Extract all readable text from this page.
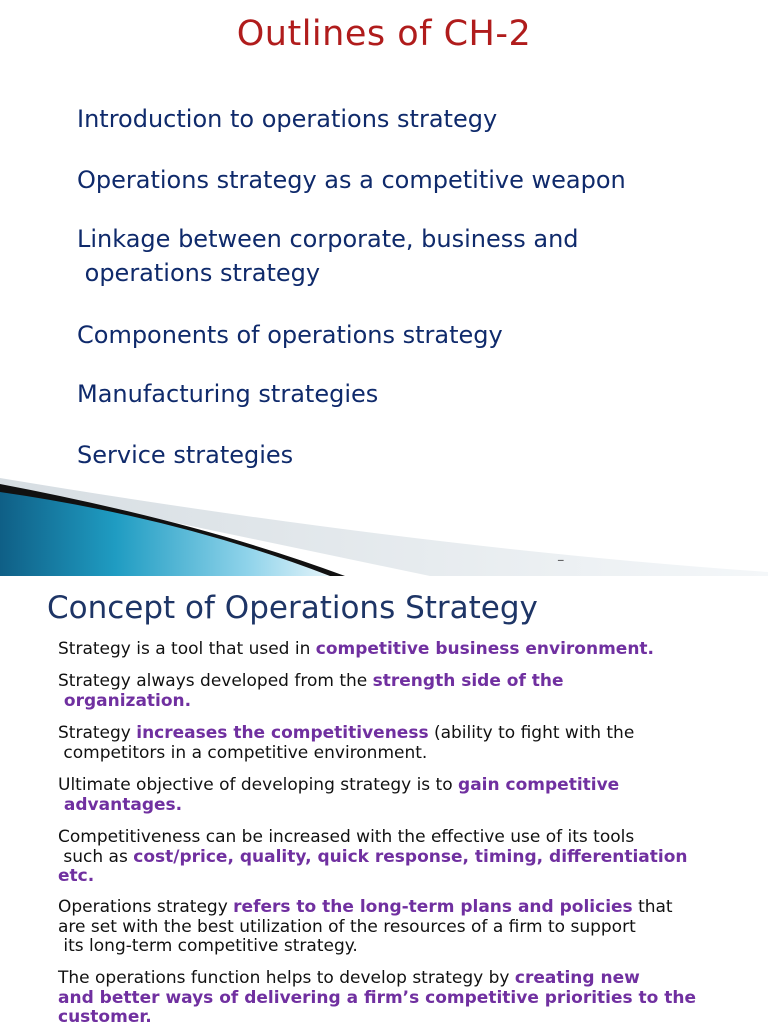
Outlines of CH-2
Introduction to operations strategy
Operations strategy as a competitive weapon
Linkage between corporate, business and
operations strategy
Components of operations strategy
Manufacturing strategies
Service strategies
_
Concept of Operations Strategy
Strategy is a tool that used in competitive business environment.
Strategy always developed from the strength side of the
organization.
Strategy increases the competitiveness (ability to fight with the
competitors in a competitive environment.
Ultimate objective of developing strategy is to gain competitive
advantages.
Competitiveness can be increased with the effective use of its tools
such as cost/price, quality, quick response, timing, differentiation
etc.
Operations strategy refers to the long-term plans and policies that
are set with the best utilization of the resources of a firm to support
its long-term competitive strategy.
The operations function helps to develop strategy by creating new
and better ways of delivering a firm’s competitive priorities to the
customer.
